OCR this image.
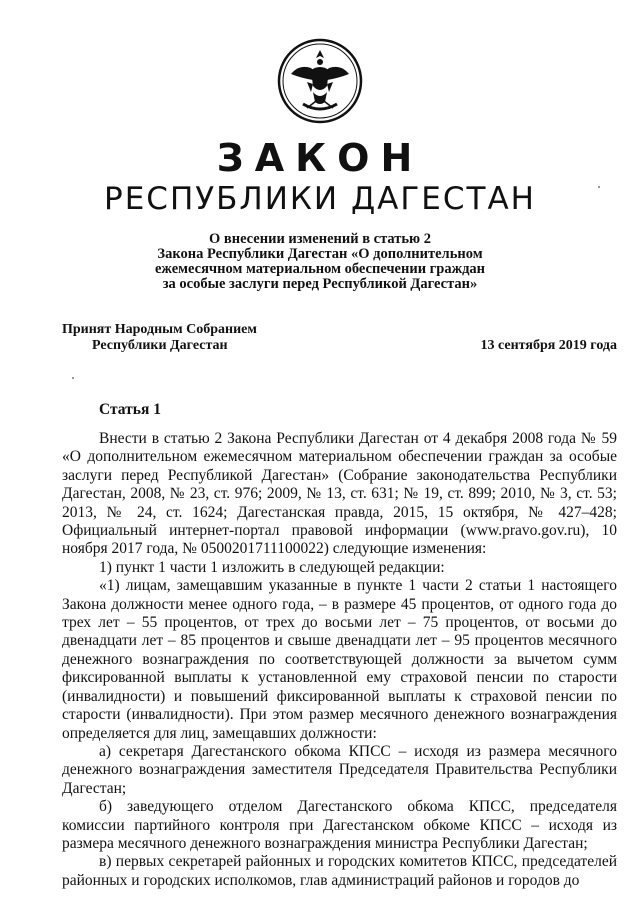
ЗАКОН
РЕСПУБЛИКИ ДАГЕСТАН
О внесении изменений в статью 2
Закона Республики Дагестан «О дополнительном
ежемесячном материальном обеспечении граждан
за особые заслуги перед Республикой Дагестан»
Принят Народным Собранием
Республики Дагестан	13 сентября 2019 года
Статья 1

Внести в статью 2 Закона Республики Дагестан от 4 декабря 2008 года № 59 «О дополнительном ежемесячном материальном обеспечении граждан за особые заслуги перед Республикой Дагестан» (Собрание законодательства Республики Дагестан, 2008, № 23, ст. 976; 2009, № 13, ст. 631; № 19, ст. 899; 2010, № 3, ст. 53; 2013, № 24, ст. 1624; Дагестанская правда, 2015, 15 октября, № 427–428; Официальный интернет-портал правовой информации (www.pravo.gov.ru), 10 ноября 2017 года, № 0500201711100022) следующие изменения:

1) пункт 1 части 1 изложить в следующей редакции:

«1) лицам, замещавшим указанные в пункте 1 части 2 статьи 1 настоящего Закона должности менее одного года, – в размере 45 процентов, от одного года до трех лет – 55 процентов, от трех до восьми лет – 75 процентов, от восьми до двенадцати лет – 85 процентов и свыше двенадцати лет – 95 процентов месячного денежного вознаграждения по соответствующей должности за вычетом сумм фиксированной выплаты к установленной ему страховой пенсии по старости (инвалидности) и повышений фиксированной выплаты к страховой пенсии по старости (инвалидности). При этом размер месячного денежного вознаграждения определяется для лиц, замещавших должности:

а) секретаря Дагестанского обкома КПСС – исходя из размера месячного денежного вознаграждения заместителя Председателя Правительства Республики Дагестан;

б) заведующего отделом Дагестанского обкома КПСС, председателя комиссии партийного контроля при Дагестанском обкоме КПСС – исходя из размера месячного денежного вознаграждения министра Республики Дагестан;

в) первых секретарей районных и городских комитетов КПСС, председателей районных и городских исполкомов, глав администраций районов и городов до
